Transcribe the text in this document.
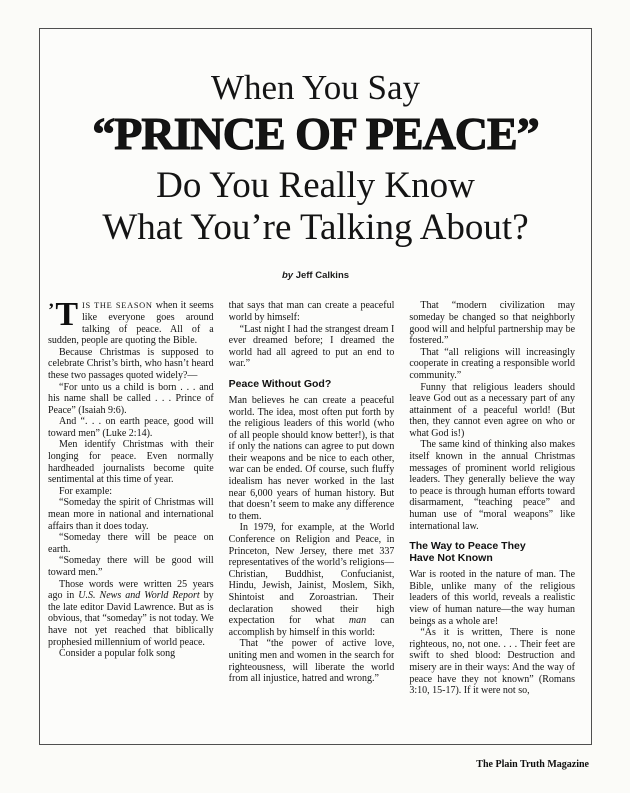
When You Say
“PRINCE OF PEACE”
Do You Really Know
What You’re Talking About?
by Jeff Calkins

’T IS THE SEASON when it seems like everyone goes around talking of peace. All of a sudden, people are quoting the Bible.

Because Christmas is supposed to celebrate Christ’s birth, who hasn’t heard these two passages quoted widely?—

“For unto us a child is born . . . and his name shall be called . . . Prince of Peace” (Isaiah 9:6).

And “. . . on earth peace, good will toward men” (Luke 2:14).

Men identify Christmas with their longing for peace. Even normally hardheaded journalists become quite sentimental at this time of year.

For example:

“Someday the spirit of Christmas will mean more in national and international affairs than it does today.

“Someday there will be peace on earth.

“Someday there will be good will toward men.”

Those words were written 25 years ago in U.S. News and World Report by the late editor David Lawrence. But as is obvious, that “someday” is not today. We have not yet reached that biblically prophesied millennium of world peace.

Consider a popular folk song

that says that man can create a peaceful world by himself:

“Last night I had the strangest dream I ever dreamed before; I dreamed the world had all agreed to put an end to war.”

Peace Without God?

Man believes he can create a peaceful world. The idea, most often put forth by the religious leaders of this world (who of all people should know better!), is that if only the nations can agree to put down their weapons and be nice to each other, war can be ended. Of course, such fluffy idealism has never worked in the last near 6,000 years of human history. But that doesn’t seem to make any difference to them.

In 1979, for example, at the World Conference on Religion and Peace, in Princeton, New Jersey, there met 337 representatives of the world’s religions—Christian, Buddhist, Confucianist, Hindu, Jewish, Jainist, Moslem, Sikh, Shintoist and Zoroastrian. Their declaration showed their high expectation for what man can accomplish by himself in this world:

That “the power of active love, uniting men and women in the search for righteousness, will liberate the world from all injustice, hatred and wrong.”

That “modern civilization may someday be changed so that neighborly good will and helpful partnership may be fostered.”

That “all religions will increasingly cooperate in creating a responsible world community.”

Funny that religious leaders should leave God out as a necessary part of any attainment of a peaceful world! (But then, they cannot even agree on who or what God is!)

The same kind of thinking also makes itself known in the annual Christmas messages of prominent world religious leaders. They generally believe the way to peace is through human efforts toward disarmament, “teaching peace” and human use of “moral weapons” like international law.

The Way to Peace They
Have Not Known

War is rooted in the nature of man. The Bible, unlike many of the religious leaders of this world, reveals a realistic view of human nature—the way human beings as a whole are!

“As it is written, There is none righteous, no, not one. . . . Their feet are swift to shed blood: Destruction and misery are in their ways: And the way of peace have they not known” (Romans 3:10, 15-17). If it were not so,

The Plain Truth Magazine
